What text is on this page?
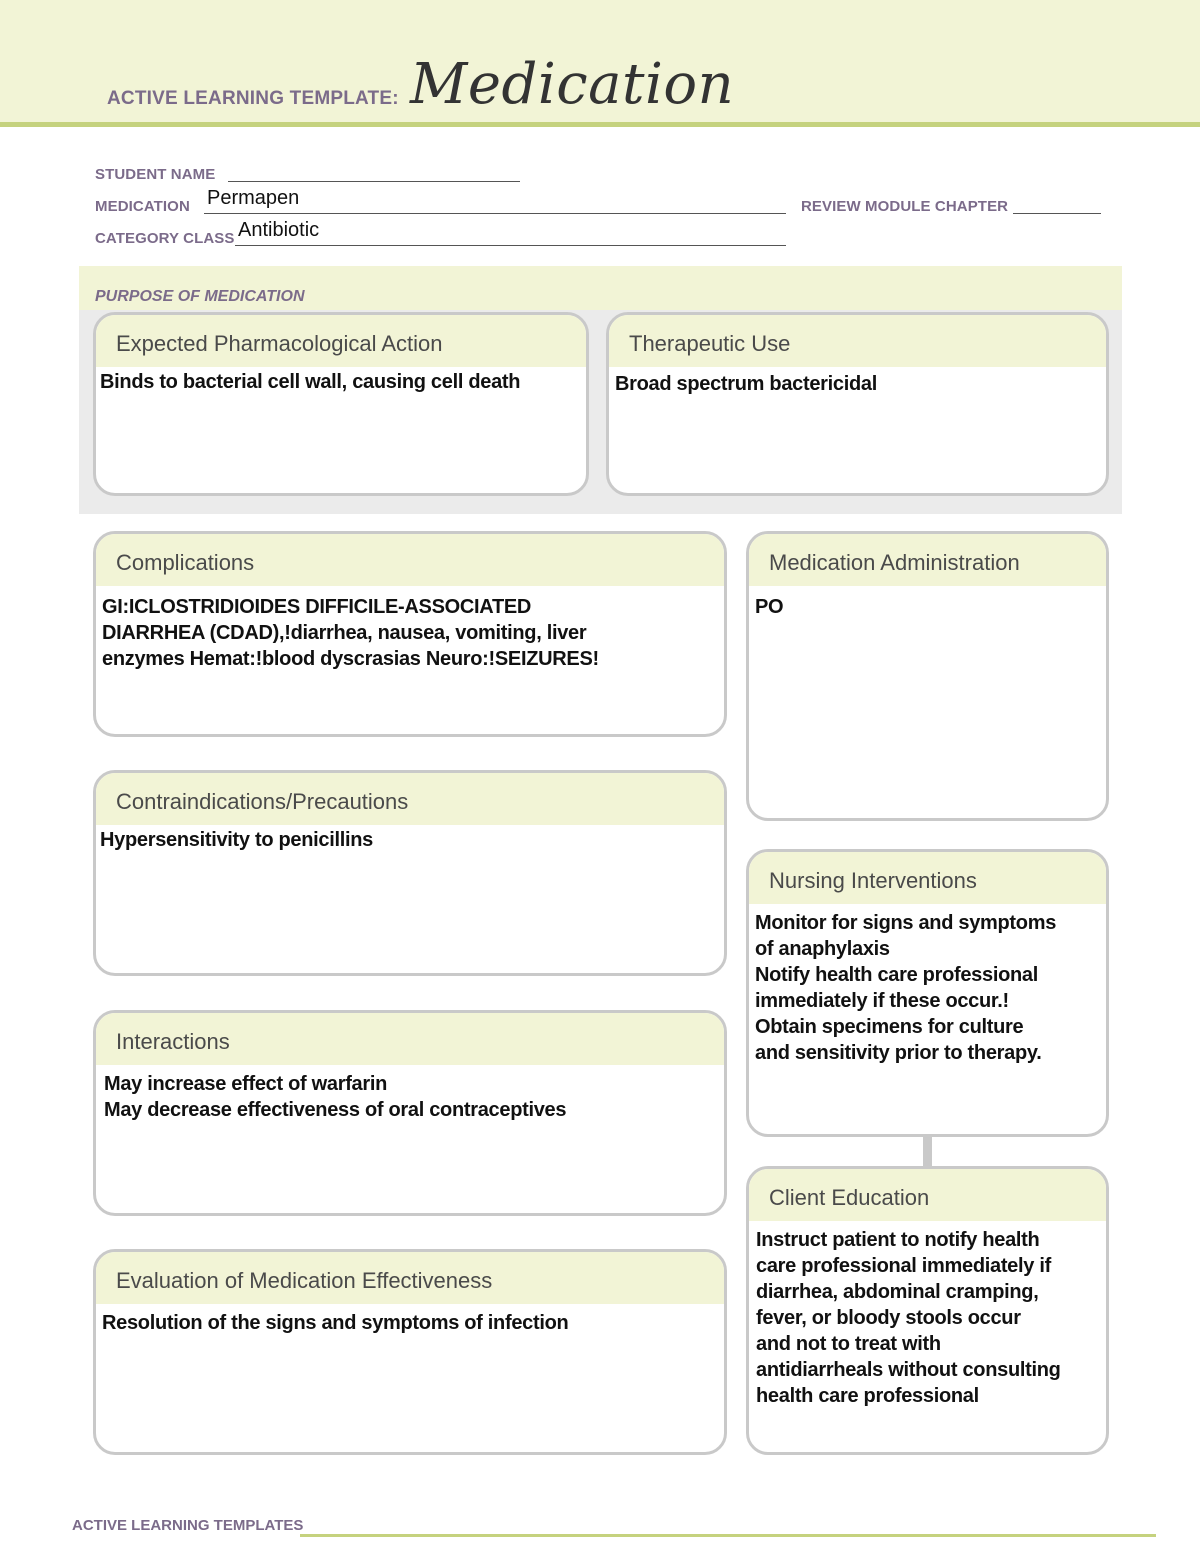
ACTIVE LEARNING TEMPLATE: Medication
STUDENT NAME
MEDICATION Permapen	REVIEW MODULE CHAPTER
CATEGORY CLASS Antibiotic
PURPOSE OF MEDICATION
Expected Pharmacological Action
Binds to bacterial cell wall, causing cell death
Therapeutic Use
Broad spectrum bactericidal
Complications
GI:ICLOSTRIDIOIDES DIFFICILE-ASSOCIATED
DIARRHEA (CDAD),!diarrhea, nausea, vomiting, liver
enzymes Hemat:!blood dyscrasias Neuro:!SEIZURES!
Contraindications/Precautions
Hypersensitivity to penicillins
Interactions
May increase effect of warfarin
May decrease effectiveness of oral contraceptives
Evaluation of Medication Effectiveness
Resolution of the signs and symptoms of infection
Medication Administration
PO
Nursing Interventions
Monitor for signs and symptoms
of anaphylaxis
Notify health care professional
immediately if these occur.!
Obtain specimens for culture
and sensitivity prior to therapy.
Client Education
Instruct patient to notify health
care professional immediately if
diarrhea, abdominal cramping,
fever, or bloody stools occur
and not to treat with
antidiarrheals without consulting
health care professional
ACTIVE LEARNING TEMPLATES
